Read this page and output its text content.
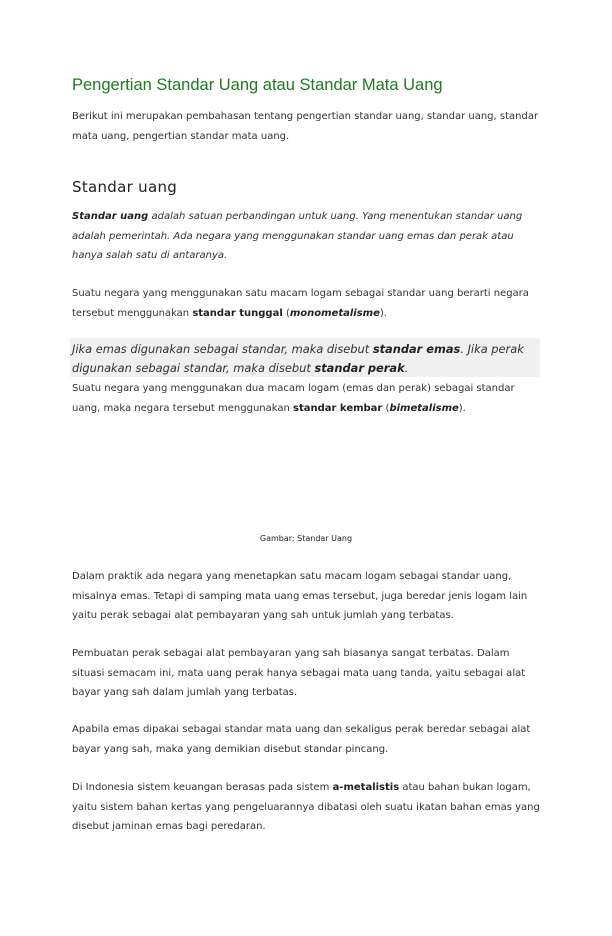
Pengertian Standar Uang atau Standar Mata Uang

Berikut ini merupakan pembahasan tentang pengertian standar uang, standar uang, standar mata uang, pengertian standar mata uang.

Standar uang

Standar uang adalah satuan perbandingan untuk uang. Yang menentukan standar uang adalah pemerintah. Ada negara yang menggunakan standar uang emas dan perak atau hanya salah satu di antaranya.

Suatu negara yang menggunakan satu macam logam sebagai standar uang berarti negara tersebut menggunakan standar tunggal (monometalisme).

Jika emas digunakan sebagai standar, maka disebut standar emas. Jika perak digunakan sebagai standar, maka disebut standar perak.

Suatu negara yang menggunakan dua macam logam (emas dan perak) sebagai standar uang, maka negara tersebut menggunakan standar kembar (bimetalisme).

Gambar: Standar Uang

Dalam praktik ada negara yang menetapkan satu macam logam sebagai standar uang, misalnya emas. Tetapi di samping mata uang emas tersebut, juga beredar jenis logam lain yaitu perak sebagai alat pembayaran yang sah untuk jumlah yang terbatas.

Pembuatan perak sebagai alat pembayaran yang sah biasanya sangat terbatas. Dalam situasi semacam ini, mata uang perak hanya sebagai mata uang tanda, yaitu sebagai alat bayar yang sah dalam jumlah yang terbatas.

Apabila emas dipakai sebagai standar mata uang dan sekaligus perak beredar sebagai alat bayar yang sah, maka yang demikian disebut standar pincang.

Di Indonesia sistem keuangan berasas pada sistem a-metalistis atau bahan bukan logam, yaitu sistem bahan kertas yang pengeluarannya dibatasi oleh suatu ikatan bahan emas yang disebut jaminan emas bagi peredaran.
